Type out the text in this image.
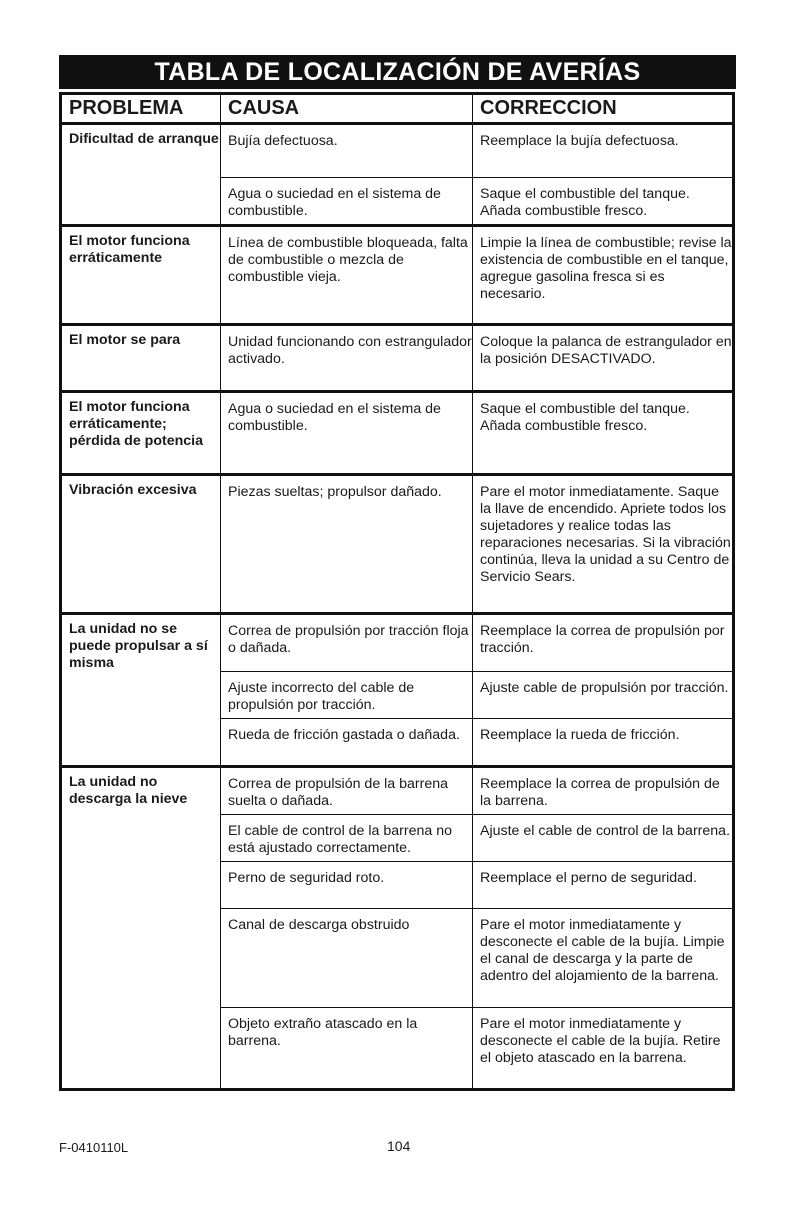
TABLA DE LOCALIZACIÓN DE AVERÍAS
PROBLEMA	CAUSA	CORRECCION
Dificultad de arranque	Bujía defectuosa.	Reemplace la bujía defectuosa.
	Agua o suciedad en el sistema de combustible.	Saque el combustible del tanque. Añada combustible fresco.
El motor funciona erráticamente	Línea de combustible bloqueada, falta de combustible o mezcla de combustible vieja.	Limpie la línea de combustible; revise la existencia de combustible en el tanque, agregue gasolina fresca si es necesario.
El motor se para	Unidad funcionando con estrangulador activado.	Coloque la palanca de estrangulador en la posición DESACTIVADO.
El motor funciona erráticamente; pérdida de potencia	Agua o suciedad en el sistema de combustible.	Saque el combustible del tanque. Añada combustible fresco.
Vibración excesiva	Piezas sueltas; propulsor dañado.	Pare el motor inmediatamente. Saque la llave de encendido. Apriete todos los sujetadores y realice todas las reparaciones necesarias. Si la vibración continúa, lleva la unidad a su Centro de Servicio Sears.
La unidad no se puede propulsar a sí misma	Correa de propulsión por tracción floja o dañada.	Reemplace la correa de propulsión por tracción.
	Ajuste incorrecto del cable de propulsión por tracción.	Ajuste cable de propulsión por tracción.
	Rueda de fricción gastada o dañada.	Reemplace la rueda de fricción.
La unidad no descarga la nieve	Correa de propulsión de la barrena suelta o dañada.	Reemplace la correa de propulsión de la barrena.
	El cable de control de la barrena no está ajustado correctamente.	Ajuste el cable de control de la barrena.
	Perno de seguridad roto.	Reemplace el perno de seguridad.
	Canal de descarga obstruido	Pare el motor inmediatamente y desconecte el cable de la bujía. Limpie el canal de descarga y la parte de adentro del alojamiento de la barrena.
	Objeto extraño atascado en la barrena.	Pare el motor inmediatamente y desconecte el cable de la bujía. Retire el objeto atascado en la barrena.
F-0410110L	104
